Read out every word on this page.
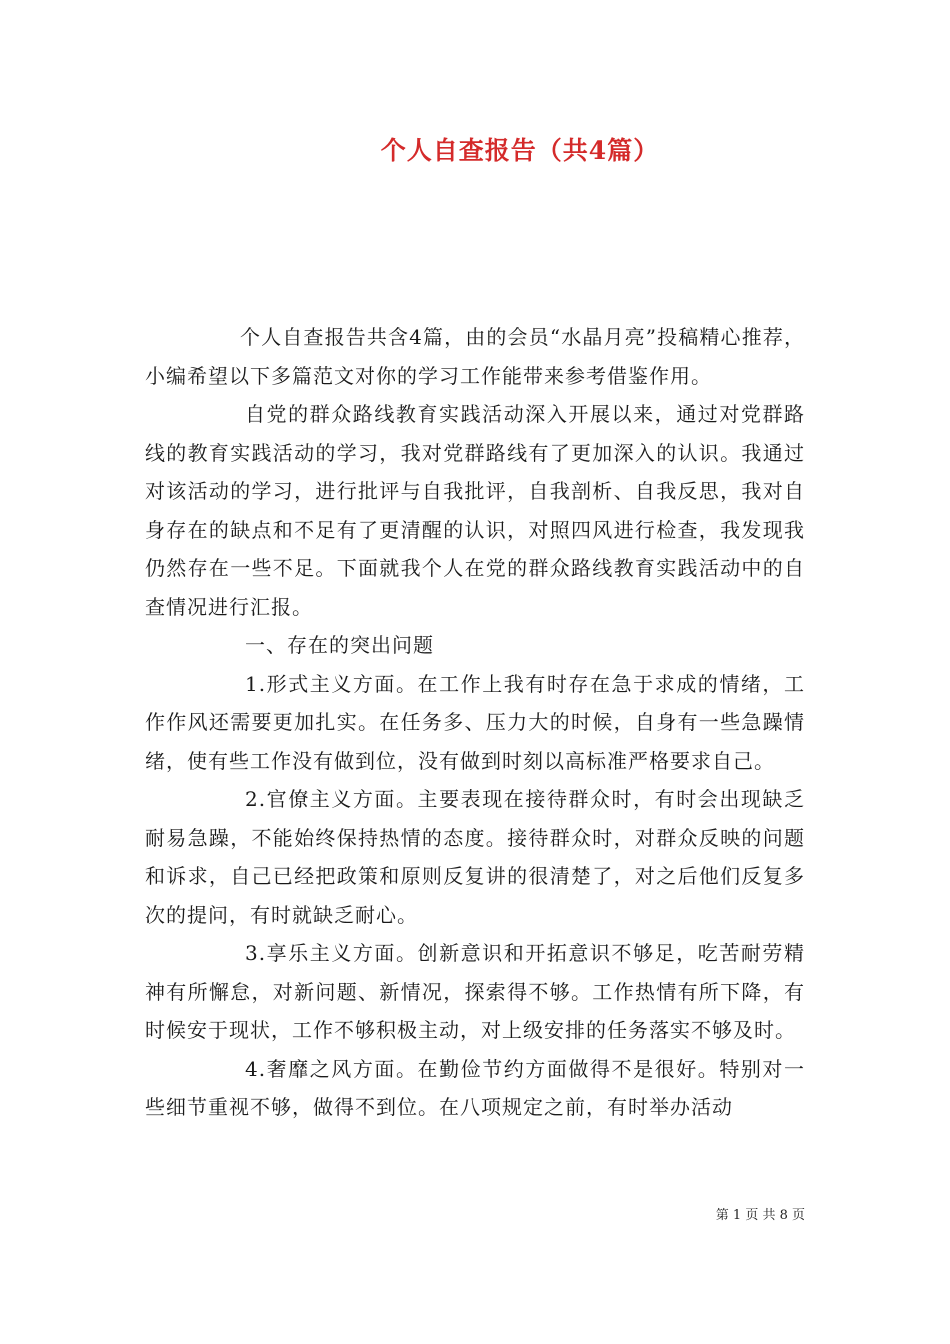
个人自查报告（共4篇）

个人自查报告共含4篇，由的会员“水晶月亮”投稿精心推荐，小编希望以下多篇范文对你的学习工作能带来参考借鉴作用。

自党的群众路线教育实践活动深入开展以来，通过对党群路线的教育实践活动的学习，我对党群路线有了更加深入的认识。我通过对该活动的学习，进行批评与自我批评，自我剖析、自我反思，我对自身存在的缺点和不足有了更清醒的认识，对照四风进行检查，我发现我仍然存在一些不足。下面就我个人在党的群众路线教育实践活动中的自查情况进行汇报。

一、存在的突出问题

1.形式主义方面。在工作上我有时存在急于求成的情绪，工作作风还需要更加扎实。在任务多、压力大的时候，自身有一些急躁情绪，使有些工作没有做到位，没有做到时刻以高标准严格要求自己。

2.官僚主义方面。主要表现在接待群众时，有时会出现缺乏耐易急躁，不能始终保持热情的态度。接待群众时，对群众反映的问题和诉求，自己已经把政策和原则反复讲的很清楚了，对之后他们反复多次的提问，有时就缺乏耐心。

3.享乐主义方面。创新意识和开拓意识不够足，吃苦耐劳精神有所懈怠，对新问题、新情况，探索得不够。工作热情有所下降，有时候安于现状，工作不够积极主动，对上级安排的任务落实不够及时。

4.奢靡之风方面。在勤俭节约方面做得不是很好。特别对一些细节重视不够，做得不到位。在八项规定之前，有时举办活动

第 1 页 共 8 页
